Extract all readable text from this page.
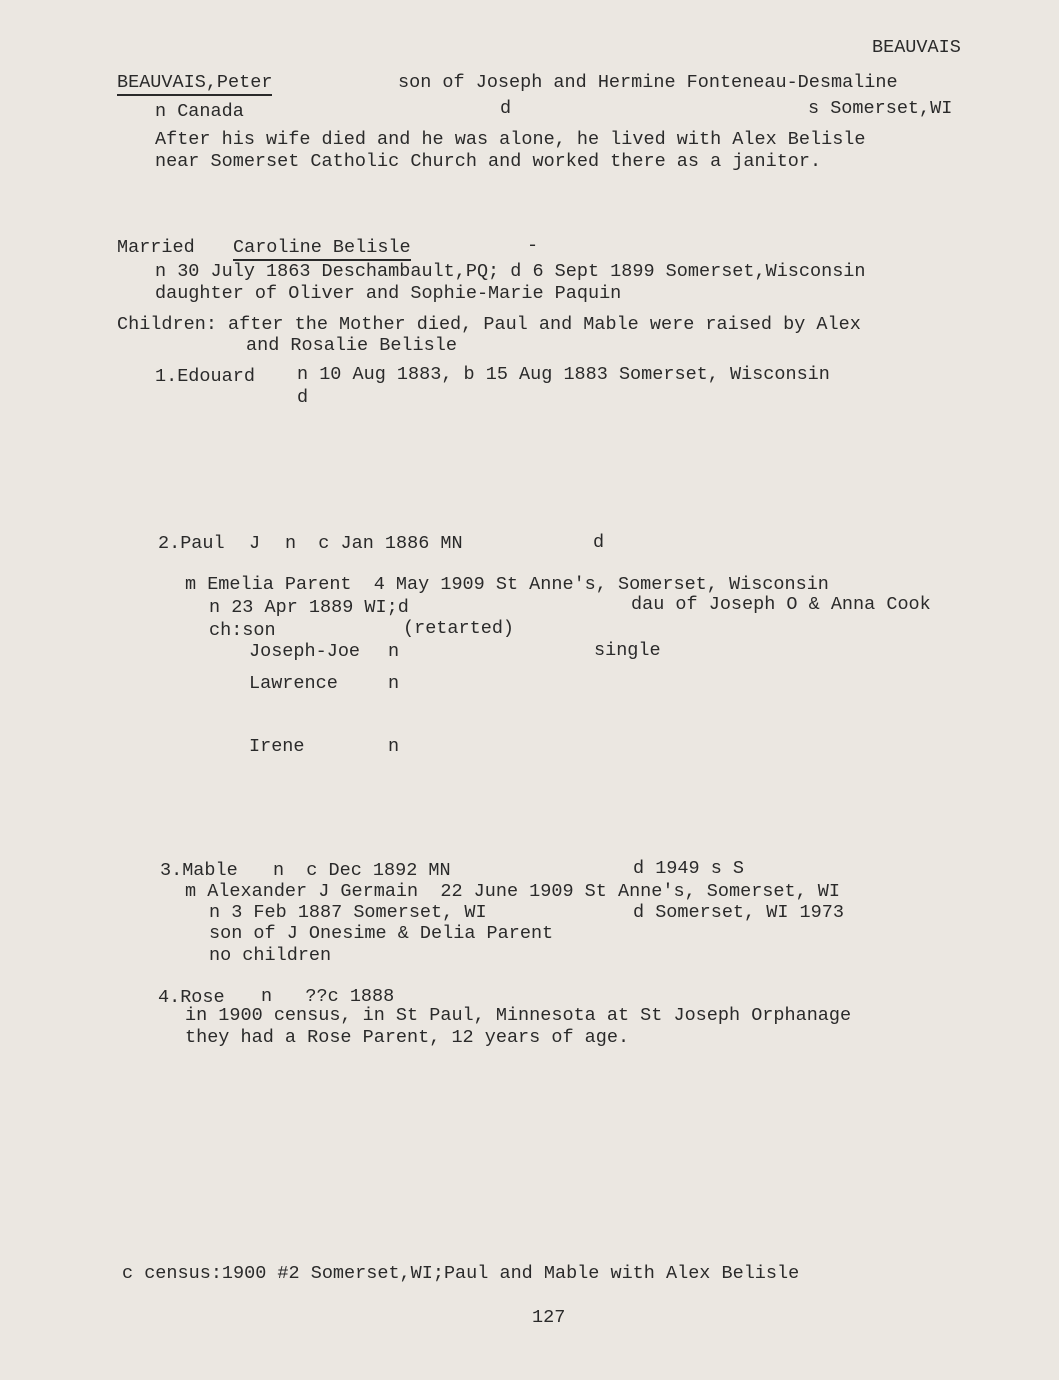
BEAUVAIS
BEAUVAIS,Peter	son of Joseph and Hermine Fonteneau-Desmaline
n Canada	d	s Somerset,WI
After his wife died and he was alone, he lived with Alex Belisle
near Somerset Catholic Church and worked there as a janitor.
Married Caroline Belisle	-
n 30 July 1863 Deschambault,PQ; d 6 Sept 1899 Somerset,Wisconsin
daughter of Oliver and Sophie-Marie Paquin
Children: after the Mother died, Paul and Mable were raised by Alex
and Rosalie Belisle
1.Edouard n 10 Aug 1883, b 15 Aug 1883 Somerset, Wisconsin
d
2.Paul J n  c Jan 1886 MN	d
m Emelia Parent  4 May 1909 St Anne's, Somerset, Wisconsin
n 23 Apr 1889 WI;d	dau of Joseph O & Anna Cook
ch:son	(retarted)
Joseph-Joe n	single
Lawrence	n
Irene	n
3.Mable n  c Dec 1892 MN	d 1949 s S
m Alexander J Germain  22 June 1909 St Anne's, Somerset, WI
n 3 Feb 1887 Somerset, WI	d Somerset, WI 1973
son of J Onesime & Delia Parent
no children
4.Rose n   ??c 1888
in 1900 census, in St Paul, Minnesota at St Joseph Orphanage
they had a Rose Parent, 12 years of age.
c census:1900 #2 Somerset,WI;Paul and Mable with Alex Belisle
127
